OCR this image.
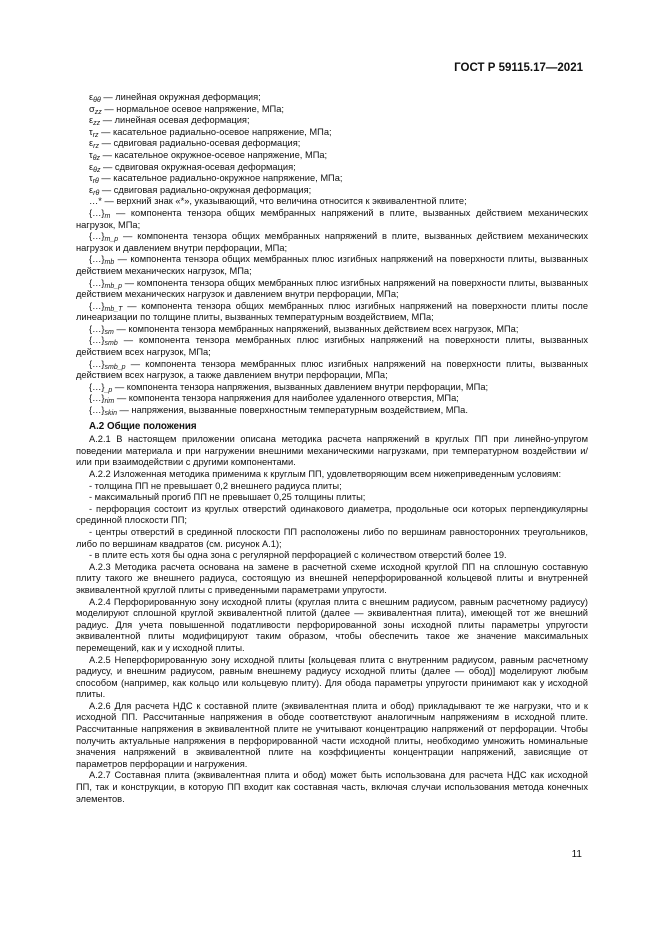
ГОСТ Р 59115.17—2021
$\varepsilon_{\theta\theta}$ — линейная окружная деформация;
$\sigma_{zz}$ — нормальное осевое напряжение, МПа;
$\varepsilon_{zz}$ — линейная осевая деформация;
$\tau_{rz}$ — касательное радиально-осевое напряжение, МПа;
$\varepsilon_{rz}$ — сдвиговая радиально-осевая деформация;
$\tau_{\theta z}$ — касательное окружное-осевое напряжение, МПа;
$\varepsilon_{\theta z}$ — сдвиговая окружная-осевая деформация;
$\tau_{r\theta}$ — касательное радиально-окружное напряжение, МПа;
$\varepsilon_{r\theta}$ — сдвиговая радиально-окружная деформация;
…* — верхний знак «*», указывающий, что величина относится к эквивалентной плите;
$\{\dots\}_m$ — компонента тензора общих мембранных напряжений в плите, вызванных действием механических нагрузок, МПа;
$\{\dots\}_{m\_p}$ — компонента тензора общих мембранных напряжений в плите, вызванных действием механических нагрузок и давлением внутри перфорации, МПа;
$\{\dots\}_{mb}$ — компонента тензора общих мембранных плюс изгибных напряжений на поверхности плиты, вызванных действием механических нагрузок, МПа;
$\{\dots\}_{mb\_p}$ — компонента тензора общих мембранных плюс изгибных напряжений на поверхности плиты, вызванных действием механических нагрузок и давлением внутри перфорации, МПа;
$\{\dots\}_{mb\_T}$ — компонента тензора общих мембранных плюс изгибных напряжений на поверхности плиты после линеаризации по толщине плиты, вызванных температурным воздействием, МПа;
$\{\dots\}_{sm}$ — компонента тензора мембранных напряжений, вызванных действием всех нагрузок, МПа;
$\{\dots\}_{smb}$ — компонента тензора мембранных плюс изгибных напряжений на поверхности плиты, вызванных действием всех нагрузок, МПа;
$\{\dots\}_{smb\_p}$ — компонента тензора мембранных плюс изгибных напряжений на поверхности плиты, вызванных действием всех нагрузок, а также давлением внутри перфорации, МПа;
$\{\dots\}_{\_p}$ — компонента тензора напряжения, вызванных давлением внутри перфорации, МПа;
$\{\dots\}_{rim}$ — компонента тензора напряжения для наиболее удаленного отверстия, МПа;
$\{\dots\}_{skin}$ — напряжения, вызванные поверхностным температурным воздействием, МПа.
А.2 Общие положения
А.2.1 В настоящем приложении описана методика расчета напряжений в круглых ПП при линейно-упругом поведении материала и при нагружении внешними механическими нагрузками, при температурном воздействии и/или при взаимодействии с другими компонентами.
А.2.2 Изложенная методика применима к круглым ПП, удовлетворяющим всем нижеприведенным условиям:
- толщина ПП не превышает 0,2 внешнего радиуса плиты;
- максимальный прогиб ПП не превышает 0,25 толщины плиты;
- перфорация состоит из круглых отверстий одинакового диаметра, продольные оси которых перпендикулярны срединной плоскости ПП;
- центры отверстий в срединной плоскости ПП расположены либо по вершинам равносторонних треугольников, либо по вершинам квадратов (см. рисунок А.1);
- в плите есть хотя бы одна зона с регулярной перфорацией с количеством отверстий более 19.
А.2.3 Методика расчета основана на замене в расчетной схеме исходной круглой ПП на сплошную составную плиту такого же внешнего радиуса, состоящую из внешней неперфорированной кольцевой плиты и внутренней эквивалентной круглой плиты с приведенными параметрами упругости.
А.2.4 Перфорированную зону исходной плиты (круглая плита с внешним радиусом, равным расчетному радиусу) моделируют сплошной круглой эквивалентной плитой (далее — эквивалентная плита), имеющей тот же внешний радиус. Для учета повышенной податливости перфорированной зоны исходной плиты параметры упругости эквивалентной плиты модифицируют таким образом, чтобы обеспечить такое же значение максимальных перемещений, как и у исходной плиты.
А.2.5 Неперфорированную зону исходной плиты [кольцевая плита с внутренним радиусом, равным расчетному радиусу, и внешним радиусом, равным внешнему радиусу исходной плиты (далее — обод)] моделируют любым способом (например, как кольцо или кольцевую плиту). Для обода параметры упругости принимают как у исходной плиты.
А.2.6 Для расчета НДС к составной плите (эквивалентная плита и обод) прикладывают те же нагрузки, что и к исходной ПП. Рассчитанные напряжения в ободе соответствуют аналогичным напряжениям в исходной плите. Рассчитанные напряжения в эквивалентной плите не учитывают концентрацию напряжений от перфорации. Чтобы получить актуальные напряжения в перфорированной части исходной плиты, необходимо умножить номинальные значения напряжений в эквивалентной плите на коэффициенты концентрации напряжений, зависящие от параметров перфорации и нагружения.
А.2.7 Составная плита (эквивалентная плита и обод) может быть использована для расчета НДС как исходной ПП, так и конструкции, в которую ПП входит как составная часть, включая случаи использования метода конечных элементов.
11
